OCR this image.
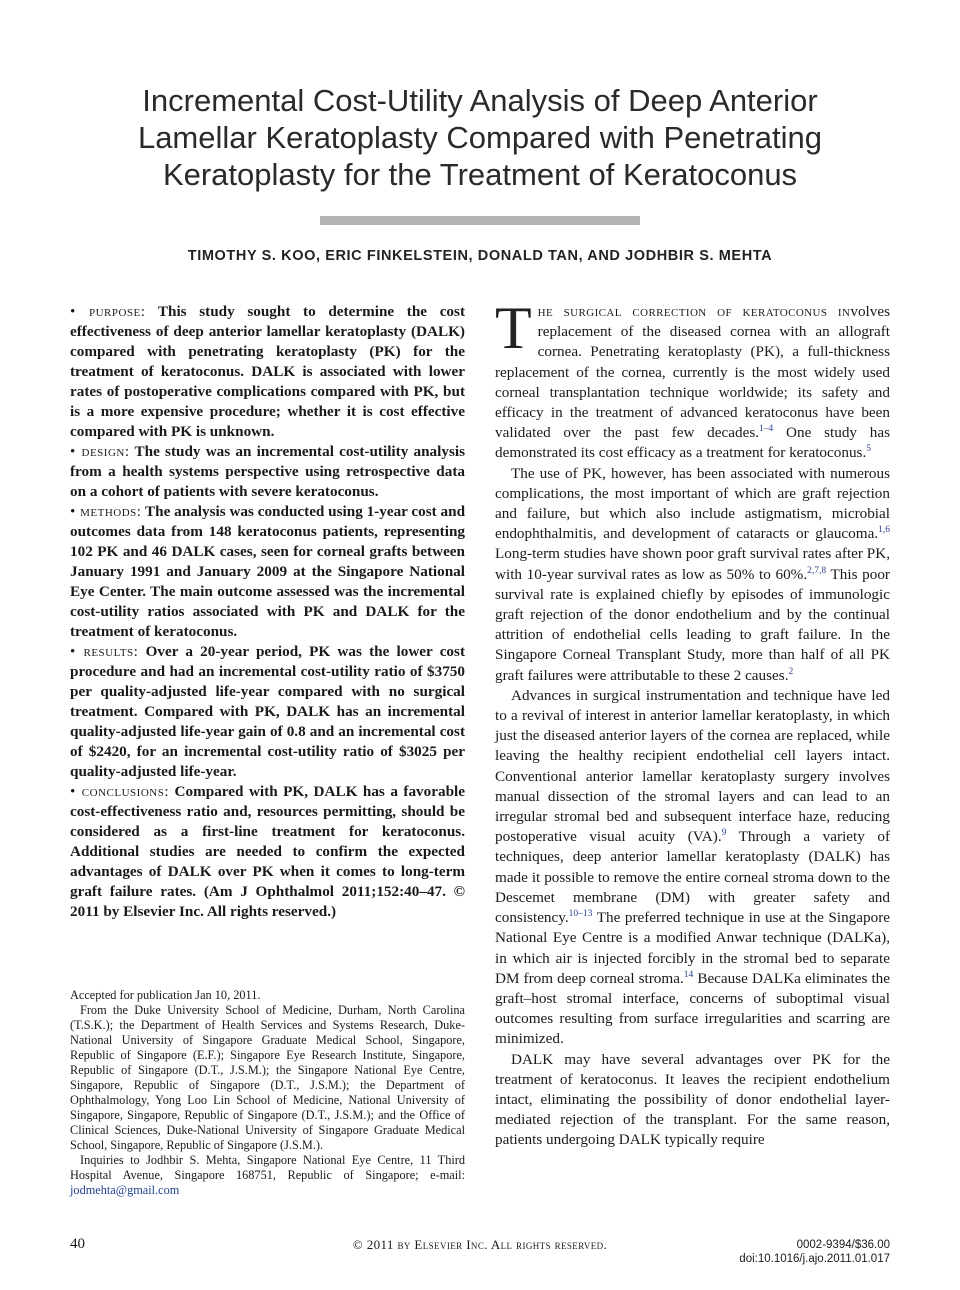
Incremental Cost-Utility Analysis of Deep Anterior
Lamellar Keratoplasty Compared with Penetrating
Keratoplasty for the Treatment of Keratoconus
TIMOTHY S. KOO, ERIC FINKELSTEIN, DONALD TAN, AND JODHBIR S. MEHTA

• purpose: This study sought to determine the cost effectiveness of deep anterior lamellar keratoplasty (DALK) compared with penetrating keratoplasty (PK) for the treatment of keratoconus. DALK is associated with lower rates of postoperative complications compared with PK, but is a more expensive procedure; whether it is cost effective compared with PK is unknown.

• design: The study was an incremental cost-utility analysis from a health systems perspective using retrospective data on a cohort of patients with severe keratoconus.

• methods: The analysis was conducted using 1-year cost and outcomes data from 148 keratoconus patients, representing 102 PK and 46 DALK cases, seen for corneal grafts between January 1991 and January 2009 at the Singapore National Eye Center. The main outcome assessed was the incremental cost-utility ratios associated with PK and DALK for the treatment of keratoconus.

• results: Over a 20-year period, PK was the lower cost procedure and had an incremental cost-utility ratio of $3750 per quality-adjusted life-year compared with no surgical treatment. Compared with PK, DALK has an incremental quality-adjusted life-year gain of 0.8 and an incremental cost of $2420, for an incremental cost-utility ratio of $3025 per quality-adjusted life-year.

• conclusions: Compared with PK, DALK has a favorable cost-effectiveness ratio and, resources permitting, should be considered as a first-line treatment for keratoconus. Additional studies are needed to confirm the expected advantages of DALK over PK when it comes to long-term graft failure rates. (Am J Ophthalmol 2011;152:40–47. © 2011 by Elsevier Inc. All rights reserved.)

Accepted for publication Jan 10, 2011.

From the Duke University School of Medicine, Durham, North Carolina (T.S.K.); the Department of Health Services and Systems Research, Duke-National University of Singapore Graduate Medical School, Singapore, Republic of Singapore (E.F.); Singapore Eye Research Institute, Singapore, Republic of Singapore (D.T., J.S.M.); the Singapore National Eye Centre, Singapore, Republic of Singapore (D.T., J.S.M.); the Department of Ophthalmology, Yong Loo Lin School of Medicine, National University of Singapore, Singapore, Republic of Singapore (D.T., J.S.M.); and the Office of Clinical Sciences, Duke-National University of Singapore Graduate Medical School, Singapore, Republic of Singapore (J.S.M.).

Inquiries to Jodhbir S. Mehta, Singapore National Eye Centre, 11 Third Hospital Avenue, Singapore 168751, Republic of Singapore; e-mail: jodmehta@gmail.com

The surgical correction of keratoconus involves replacement of the diseased cornea with an allograft cornea. Penetrating keratoplasty (PK), a full-thickness replacement of the cornea, currently is the most widely used corneal transplantation technique worldwide; its safety and efficacy in the treatment of advanced keratoconus have been validated over the past few decades.$^{1-4}$ One study has demonstrated its cost efficacy as a treatment for keratoconus.$^5$

The use of PK, however, has been associated with numerous complications, the most important of which are graft rejection and failure, but which also include astigmatism, microbial endophthalmitis, and development of cataracts or glaucoma.$^{1,6}$ Long-term studies have shown poor graft survival rates after PK, with 10-year survival rates as low as 50% to 60%.$^{2,7,8}$ This poor survival rate is explained chiefly by episodes of immunologic graft rejection of the donor endothelium and by the continual attrition of endothelial cells leading to graft failure. In the Singapore Corneal Transplant Study, more than half of all PK graft failures were attributable to these 2 causes.$^2$

Advances in surgical instrumentation and technique have led to a revival of interest in anterior lamellar keratoplasty, in which just the diseased anterior layers of the cornea are replaced, while leaving the healthy recipient endothelial cell layers intact. Conventional anterior lamellar keratoplasty surgery involves manual dissection of the stromal layers and can lead to an irregular stromal bed and subsequent interface haze, reducing postoperative visual acuity (VA).$^9$ Through a variety of techniques, deep anterior lamellar keratoplasty (DALK) has made it possible to remove the entire corneal stroma down to the Descemet membrane (DM) with greater safety and consistency.$^{10-13}$ The preferred technique in use at the Singapore National Eye Centre is a modified Anwar technique (DALKa), in which air is injected forcibly in the stromal bed to separate DM from deep corneal stroma.$^{14}$ Because DALKa eliminates the graft–host stromal interface, concerns of suboptimal visual outcomes resulting from surface irregularities and scarring are minimized.

DALK may have several advantages over PK for the treatment of keratoconus. It leaves the recipient endothelium intact, eliminating the possibility of donor endothelial layer-mediated rejection of the transplant. For the same reason, patients undergoing DALK typically require

40	© 2011 by Elsevier Inc. All rights reserved.	0002-9394/$36.00
doi:10.1016/j.ajo.2011.01.017
